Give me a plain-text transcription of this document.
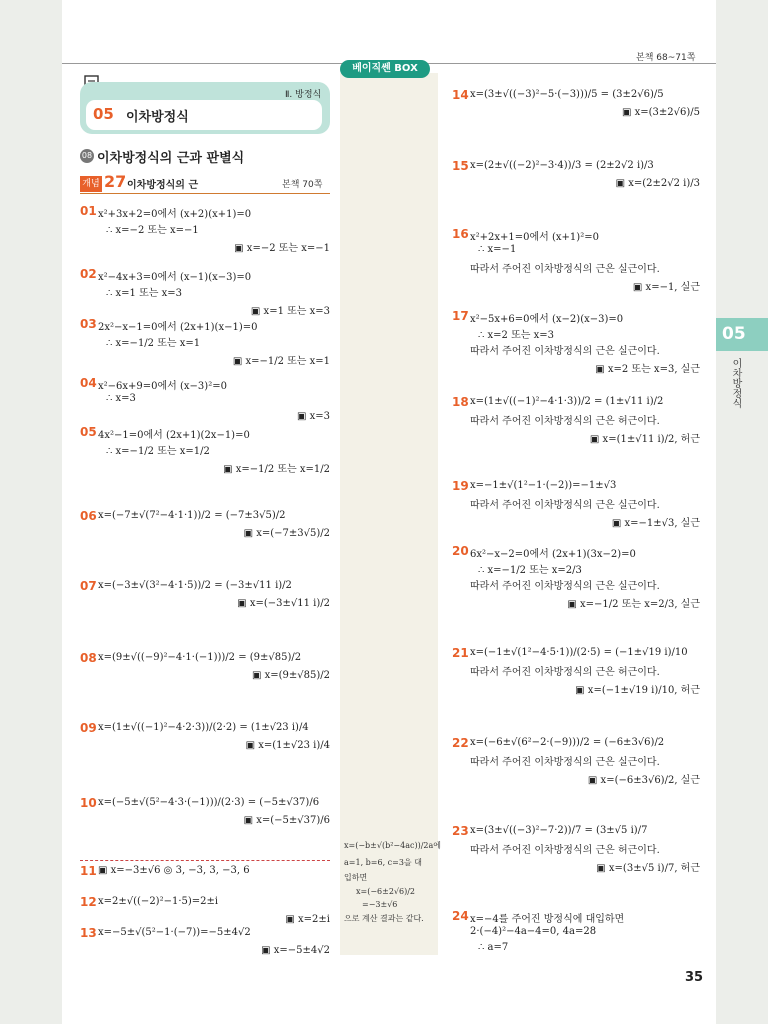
본책 68~71쪽
베이직쎈 BOX
Ⅱ. 방정식
05 이차방정식
08 이차방정식의 근과 판별식
개념 27 이차방정식의 근	본책 70쪽
05
이차방정식
x=(−b±√(b²−4ac))/2a에
a=1, b=6, c=3을 대
입하면
x=(−6±2√6)/2
=−3±√6
으로 계산 결과는 같다.
35
01 x²+3x+2=0에서 (x+2)(x+1)=0
∴ x=−2 또는 x=−1
▣ x=−2 또는 x=−1
02 x²−4x+3=0에서 (x−1)(x−3)=0
∴ x=1 또는 x=3
▣ x=1 또는 x=3
03 2x²−x−1=0에서 (2x+1)(x−1)=0
∴ x=−1/2 또는 x=1
▣ x=−1/2 또는 x=1
04 x²−6x+9=0에서 (x−3)²=0
∴ x=3
▣ x=3
05 4x²−1=0에서 (2x+1)(2x−1)=0
∴ x=−1/2 또는 x=1/2
▣ x=−1/2 또는 x=1/2
06 x=(−7±√(7²−4·1·1))/2 = (−7±3√5)/2
▣ x=(−7±3√5)/2
07 x=(−3±√(3²−4·1·5))/2 = (−3±√11 i)/2
▣ x=(−3±√11 i)/2
08 x=(9±√((−9)²−4·1·(−1)))/2 = (9±√85)/2
▣ x=(9±√85)/2
09 x=(1±√((−1)²−4·2·3))/(2·2) = (1±√23 i)/4
▣ x=(1±√23 i)/4
10 x=(−5±√(5²−4·3·(−1)))/(2·3) = (−5±√37)/6
▣ x=(−5±√37)/6
11 ▣ x=−3±√6 ◎ 3, −3, 3, −3, 6
12 x=2±√((−2)²−1·5)=2±i
▣ x=2±i
13 x=−5±√(5²−1·(−7))=−5±4√2
▣ x=−5±4√2
14 x=(3±√((−3)²−5·(−3)))/5 = (3±2√6)/5
▣ x=(3±2√6)/5
15 x=(2±√((−2)²−3·4))/3 = (2±2√2 i)/3
▣ x=(2±2√2 i)/3
16 x²+2x+1=0에서 (x+1)²=0
∴ x=−1
따라서 주어진 이차방정식의 근은 실근이다.
▣ x=−1, 실근
17 x²−5x+6=0에서 (x−2)(x−3)=0
∴ x=2 또는 x=3
따라서 주어진 이차방정식의 근은 실근이다.
▣ x=2 또는 x=3, 실근
18 x=(1±√((−1)²−4·1·3))/2 = (1±√11 i)/2
따라서 주어진 이차방정식의 근은 허근이다.
▣ x=(1±√11 i)/2, 허근
19 x=−1±√(1²−1·(−2))=−1±√3
따라서 주어진 이차방정식의 근은 실근이다.
▣ x=−1±√3, 실근
20 6x²−x−2=0에서 (2x+1)(3x−2)=0
∴ x=−1/2 또는 x=2/3
따라서 주어진 이차방정식의 근은 실근이다.
▣ x=−1/2 또는 x=2/3, 실근
21 x=(−1±√(1²−4·5·1))/(2·5) = (−1±√19 i)/10
따라서 주어진 이차방정식의 근은 허근이다.
▣ x=(−1±√19 i)/10, 허근
22 x=(−6±√(6²−2·(−9)))/2 = (−6±3√6)/2
따라서 주어진 이차방정식의 근은 실근이다.
▣ x=(−6±3√6)/2, 실근
23 x=(3±√((−3)²−7·2))/7 = (3±√5 i)/7
따라서 주어진 이차방정식의 근은 허근이다.
▣ x=(3±√5 i)/7, 허근
24 x=−4를 주어진 방정식에 대입하면
2·(−4)²−4a−4=0, 4a=28
∴ a=7
